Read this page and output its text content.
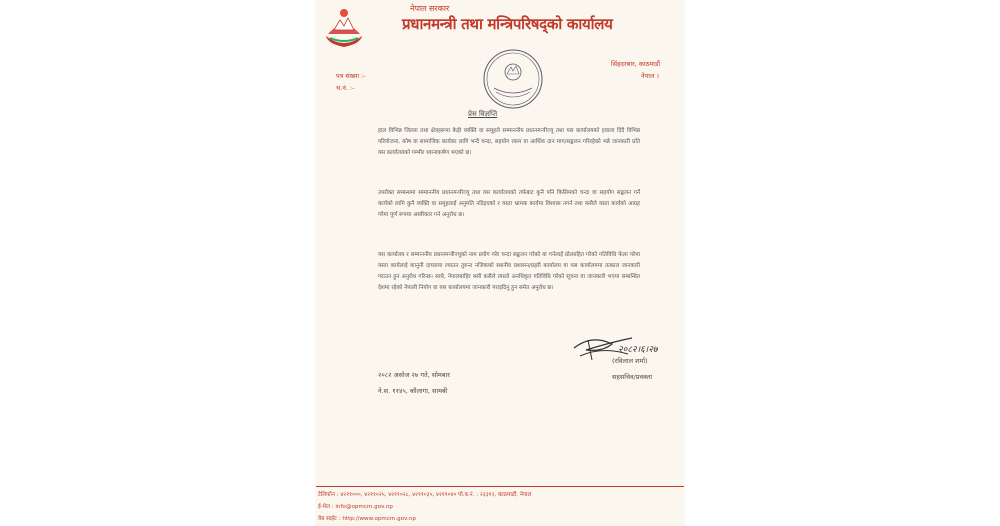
नेपाल सरकार
प्रधानमन्त्री तथा मन्त्रिपरिषद्को कार्यालय
सिंहदरबार, काठमाडौं
नेपाल ।
पत्र संख्या :-
च.नं. :-
प्रेस विज्ञप्ति

हाल विभिन्न जिल्ला तथा क्षेत्रहरूमा केही व्यक्ति वा समूहले सम्माननीय प्रधानमन्त्रीज्यू तथा यस कार्यालयको हवाला दिंदै विभिन्न परियोजना, कोष वा सामाजिक कार्यका लागि भन्दै चन्दा, सहयोग रकम वा आर्थिक दान माग/सङ्कलन गरिरहेको भन्ने जानकारी प्रति यस कार्यालयको गम्भीर ध्यानाकर्षण भएको छ।

उपरोक्त सम्बन्धमा सम्माननीय प्रधानमन्त्रीज्यू तथा यस कार्यालयको तर्फबाट कुनै पनि किसिमको चन्दा वा सहयोग सङ्कलन गर्ने कार्यको लागि कुनै व्यक्ति वा समूहलाई अनुमति नदिइएको र यस्ता भ्रामक कार्यमा विश्वास नगर्न तथा कसैले यस्ता कार्यको आग्रह गरेमा पूर्ण रूपमा अस्वीकार गर्न अनुरोध छ।

यस कार्यालय र सम्माननीय प्रधानमन्त्रीज्यूको नाम प्रयोग गरेर चन्दा सङ्कलन गरेको वा गर्नलाई प्रोत्साहित गरेको गतिविधि फेला परेमा यस्ता कार्यलाई कानुनी दायरामा ल्याउन तुरुन्त नजिकको स्थानीय प्रशासन/प्रहरी कार्यालय वा यस कार्यालयमा तत्काल जानकारी गराउन हुन अनुरोध गरिन्छ। साथै, नेपालबाहिर बसी कसैले त्यस्तो अनधिकृत गतिविधि गरेको सूचना वा जानकारी भएमा सम्बन्धित देशमा रहेको नेपाली नियोग वा यस कार्यालयमा जानकारी गराइदिनु हुन समेत अनुरोध छ।

२०८२।६।२७
(रविलाल शर्मा)
सहसचिव/प्रवक्ता
२०८२ असोज २७ गते, सोमबार
ने.स. ११४५, कौलागा, सामबी
टेलिफोन : ४२११०००, ४२११०२५, ४२११०२८, ४२११०३५, ४२११०४० पो.ब.नं. : २३३१२, काठमाडौं, नेपाल
ई-मेल : info@opmcm.gov.np
वेब साईट : http://www.opmcm.gov.np
